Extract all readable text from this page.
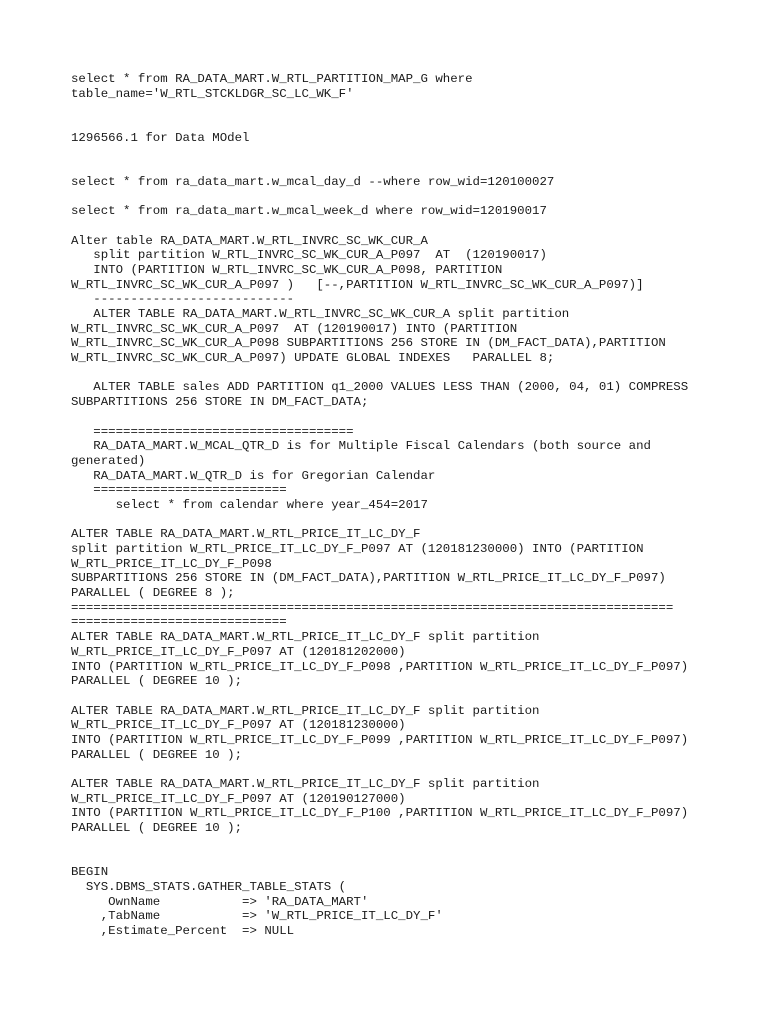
select * from RA_DATA_MART.W_RTL_PARTITION_MAP_G where
table_name='W_RTL_STCKLDGR_SC_LC_WK_F'
1296566.1 for Data MOdel
select * from ra_data_mart.w_mcal_day_d --where row_wid=120100027
select * from ra_data_mart.w_mcal_week_d where row_wid=120190017
Alter table RA_DATA_MART.W_RTL_INVRC_SC_WK_CUR_A
split partition W_RTL_INVRC_SC_WK_CUR_A_P097  AT  (120190017)
INTO (PARTITION W_RTL_INVRC_SC_WK_CUR_A_P098, PARTITION
W_RTL_INVRC_SC_WK_CUR_A_P097 )   [--,PARTITION W_RTL_INVRC_SC_WK_CUR_A_P097)]
---------------------------
ALTER TABLE RA_DATA_MART.W_RTL_INVRC_SC_WK_CUR_A split partition
W_RTL_INVRC_SC_WK_CUR_A_P097  AT (120190017) INTO (PARTITION
W_RTL_INVRC_SC_WK_CUR_A_P098 SUBPARTITIONS 256 STORE IN (DM_FACT_DATA),PARTITION
W_RTL_INVRC_SC_WK_CUR_A_P097) UPDATE GLOBAL INDEXES   PARALLEL 8;
ALTER TABLE sales ADD PARTITION q1_2000 VALUES LESS THAN (2000, 04, 01) COMPRESS
SUBPARTITIONS 256 STORE IN DM_FACT_DATA;
===================================
RA_DATA_MART.W_MCAL_QTR_D is for Multiple Fiscal Calendars (both source and
generated)
RA_DATA_MART.W_QTR_D is for Gregorian Calendar
==========================
select * from calendar where year_454=2017
ALTER TABLE RA_DATA_MART.W_RTL_PRICE_IT_LC_DY_F
split partition W_RTL_PRICE_IT_LC_DY_F_P097 AT (120181230000) INTO (PARTITION
W_RTL_PRICE_IT_LC_DY_F_P098
SUBPARTITIONS 256 STORE IN (DM_FACT_DATA),PARTITION W_RTL_PRICE_IT_LC_DY_F_P097)
PARALLEL ( DEGREE 8 );
=================================================================================
=============================
ALTER TABLE RA_DATA_MART.W_RTL_PRICE_IT_LC_DY_F split partition
W_RTL_PRICE_IT_LC_DY_F_P097 AT (120181202000)
INTO (PARTITION W_RTL_PRICE_IT_LC_DY_F_P098 ,PARTITION W_RTL_PRICE_IT_LC_DY_F_P097)
PARALLEL ( DEGREE 10 );
ALTER TABLE RA_DATA_MART.W_RTL_PRICE_IT_LC_DY_F split partition
W_RTL_PRICE_IT_LC_DY_F_P097 AT (120181230000)
INTO (PARTITION W_RTL_PRICE_IT_LC_DY_F_P099 ,PARTITION W_RTL_PRICE_IT_LC_DY_F_P097)
PARALLEL ( DEGREE 10 );
ALTER TABLE RA_DATA_MART.W_RTL_PRICE_IT_LC_DY_F split partition
W_RTL_PRICE_IT_LC_DY_F_P097 AT (120190127000)
INTO (PARTITION W_RTL_PRICE_IT_LC_DY_F_P100 ,PARTITION W_RTL_PRICE_IT_LC_DY_F_P097)
PARALLEL ( DEGREE 10 );
BEGIN
SYS.DBMS_STATS.GATHER_TABLE_STATS (
OwnName           => 'RA_DATA_MART'
,TabName           => 'W_RTL_PRICE_IT_LC_DY_F'
,Estimate_Percent  => NULL
